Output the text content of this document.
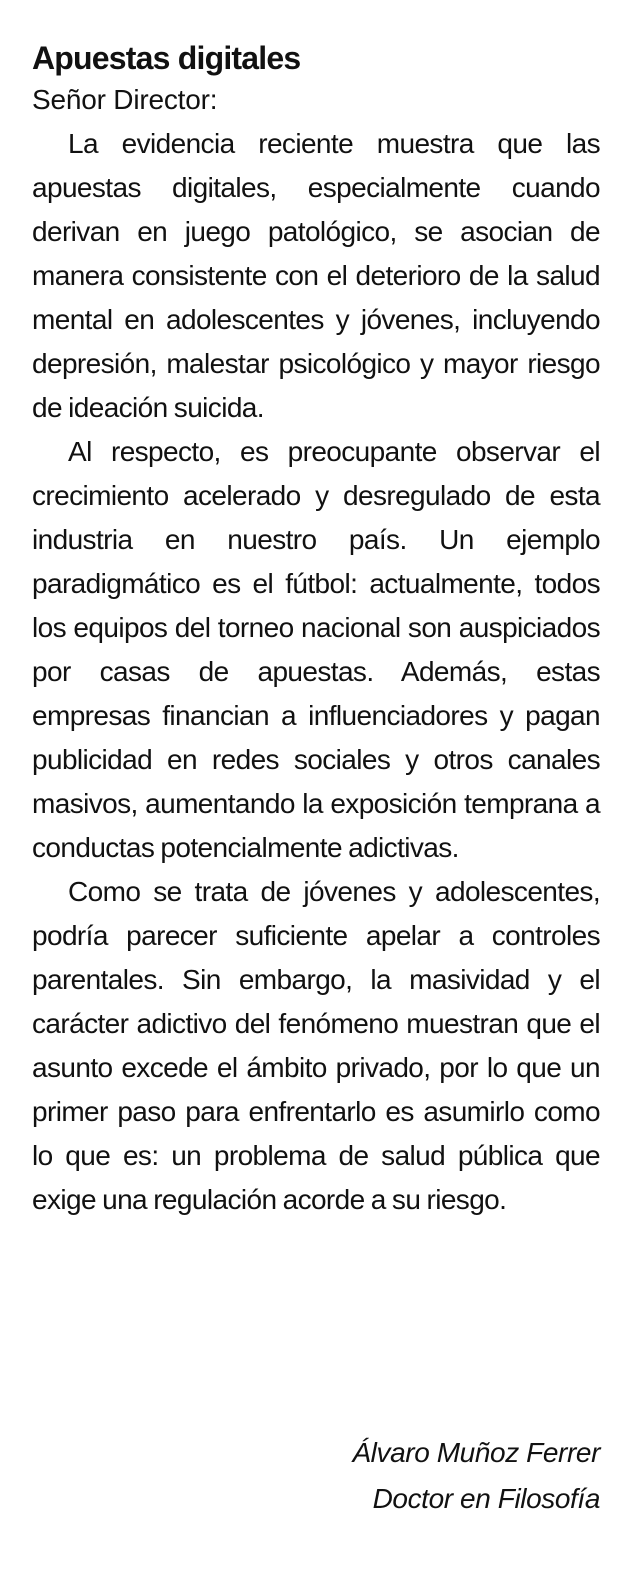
Apuestas digitales

Señor Director:

La evidencia reciente muestra que las apuestas digitales, especialmente cuando derivan en juego patológico, se asocian de manera consistente con el deterioro de la salud mental en adolescentes y jóvenes, incluyendo depresión, malestar psicológico y mayor riesgo de ideación suicida.

Al respecto, es preocupante observar el crecimiento acelerado y desregulado de esta industria en nuestro país. Un ejemplo paradigmático es el fútbol: actualmente, todos los equipos del torneo nacional son auspiciados por casas de apuestas. Además, estas empresas financian a influenciadores y pagan publicidad en redes sociales y otros canales masivos, aumentando la exposición temprana a conductas potencialmente adictivas.

Como se trata de jóvenes y adolescentes, podría parecer suficiente apelar a controles parentales. Sin embargo, la masividad y el carácter adictivo del fenómeno muestran que el asunto excede el ámbito privado, por lo que un primer paso para enfrentarlo es asumirlo como lo que es: un problema de salud pública que exige una regulación acorde a su riesgo.

Álvaro Muñoz Ferrer
Doctor en Filosofía
